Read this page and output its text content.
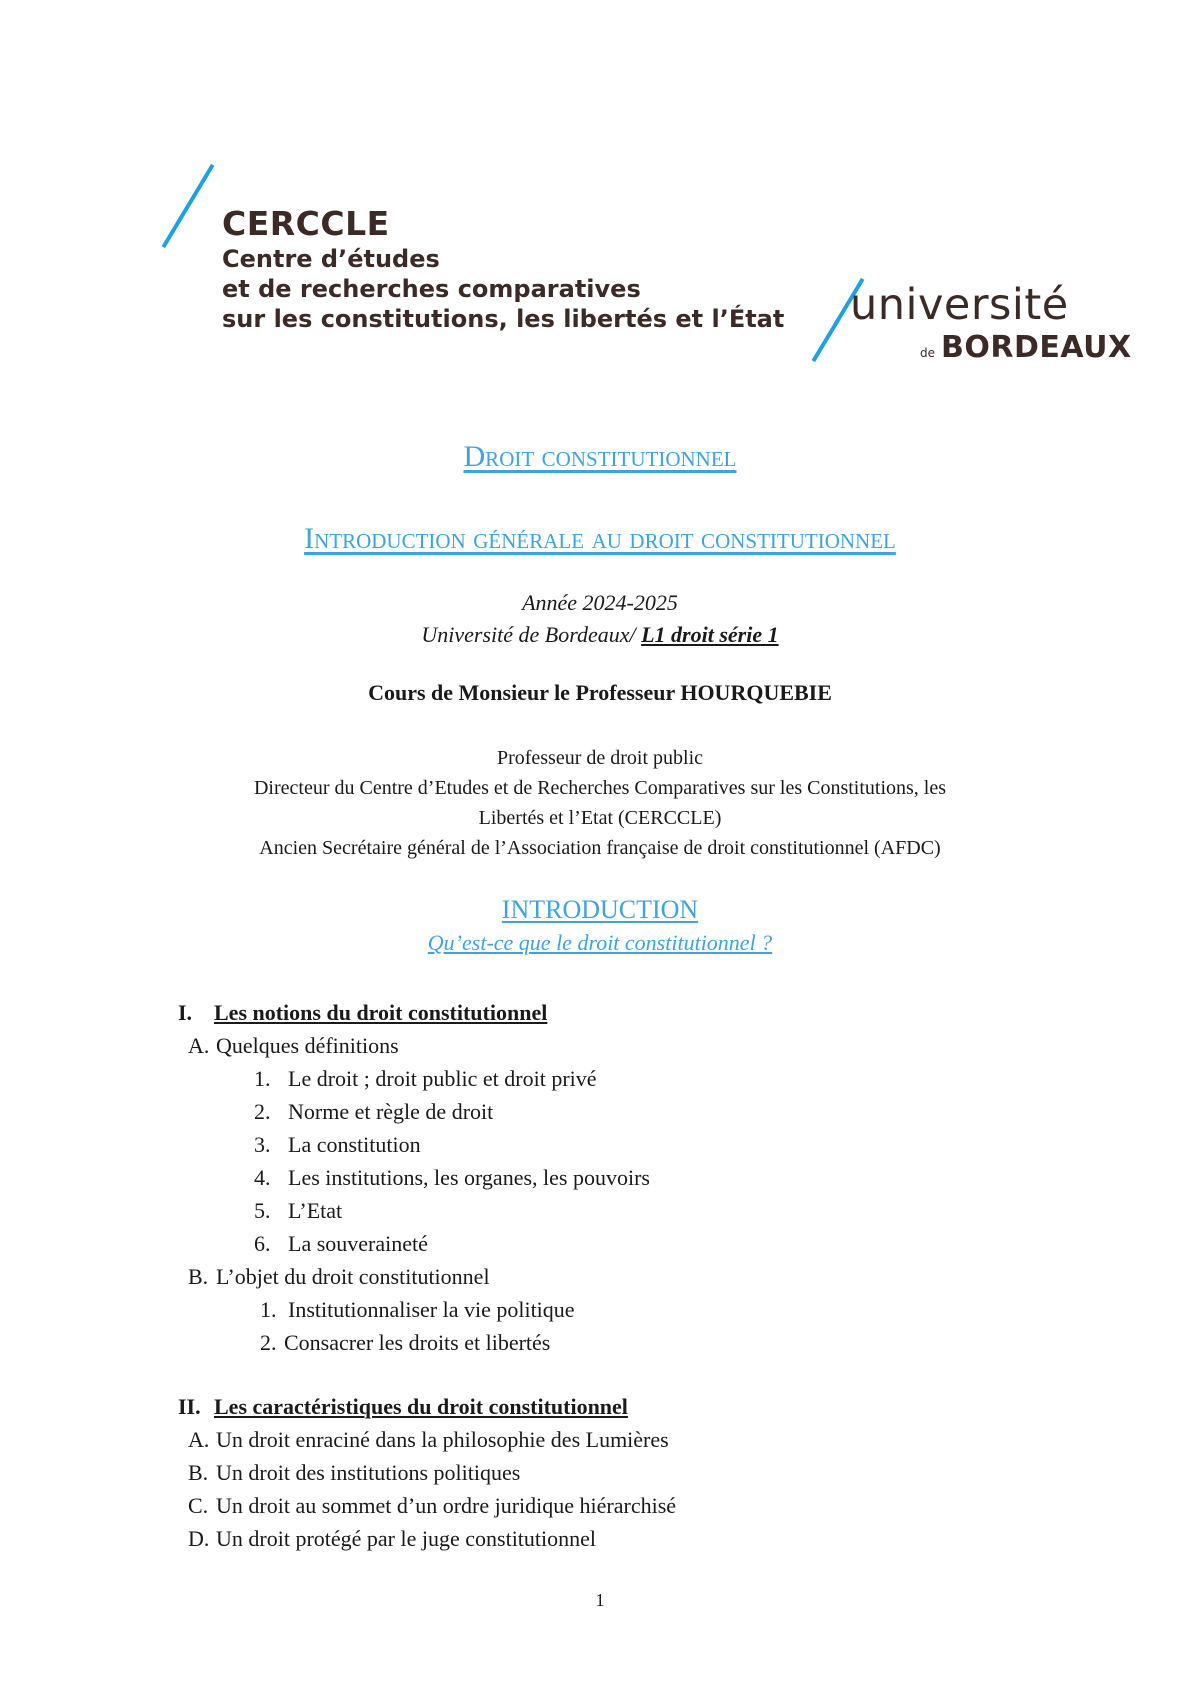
CERCCLE
Centre d’études
et de recherches comparatives
sur les constitutions, les libertés et l’État université
de BORDEAUX
Droit constitutionnel
Introduction générale au droit constitutionnel
Année 2024-2025
Université de Bordeaux/ L1 droit série 1
Cours de Monsieur le Professeur HOURQUEBIE
Professeur de droit public
Directeur du Centre d’Etudes et de Recherches Comparatives sur les Constitutions, les
Libertés et l’Etat (CERCCLE)
Ancien Secrétaire général de l’Association française de droit constitutionnel (AFDC)
INTRODUCTION
Qu’est-ce que le droit constitutionnel ?
I. Les notions du droit constitutionnel
A. Quelques définitions
1. Le droit ; droit public et droit privé
2. Norme et règle de droit
3. La constitution
4. Les institutions, les organes, les pouvoirs
5. L’Etat
6. La souveraineté
B. L’objet du droit constitutionnel
1. Institutionnaliser la vie politique
2. Consacrer les droits et libertés
II. Les caractéristiques du droit constitutionnel
A. Un droit enraciné dans la philosophie des Lumières
B. Un droit des institutions politiques
C. Un droit au sommet d’un ordre juridique hiérarchisé
D. Un droit protégé par le juge constitutionnel
1
